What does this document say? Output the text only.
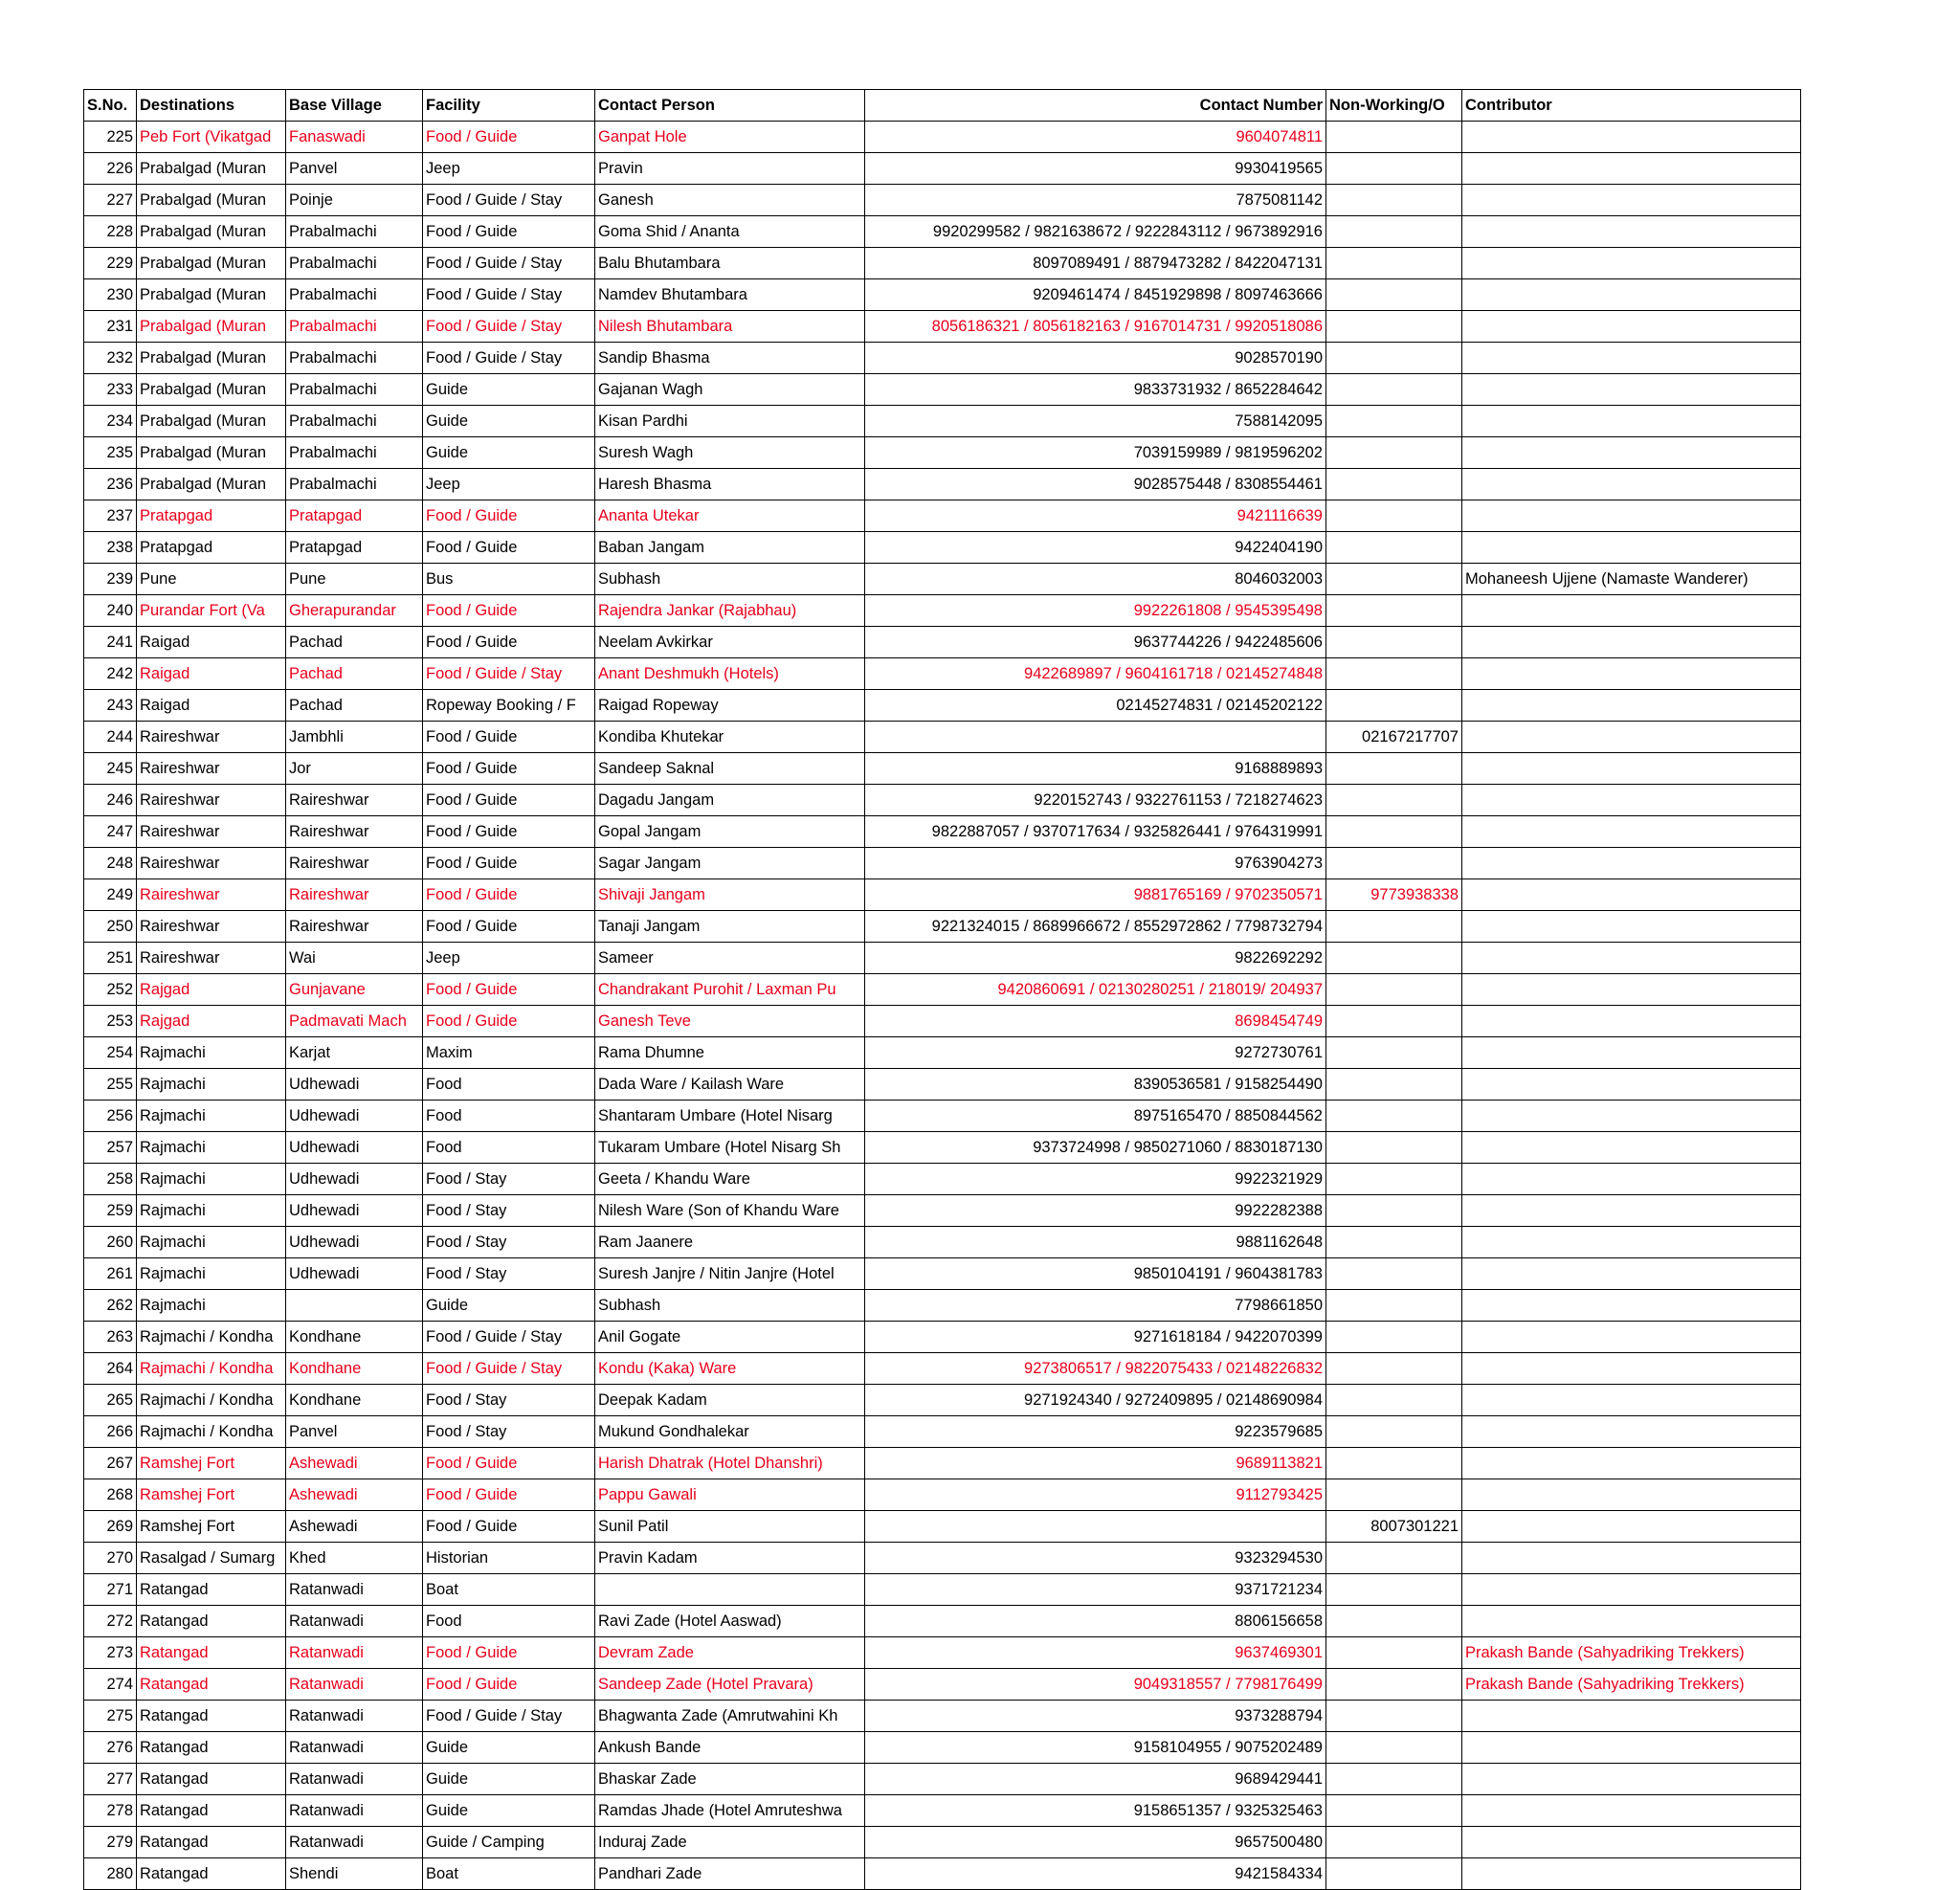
S.No.	Destinations	Base Village	Facility	Contact Person	Contact Number	Non-Working/O	Contributor
225	Peb Fort (Vikatgad	Fanaswadi	Food / Guide	Ganpat Hole	9604074811		
226	Prabalgad (Muran	Panvel	Jeep	Pravin	9930419565		
227	Prabalgad (Muran	Poinje	Food / Guide / Stay	Ganesh	7875081142		
228	Prabalgad (Muran	Prabalmachi	Food / Guide	Goma Shid / Ananta	9920299582 / 9821638672 / 9222843112 / 9673892916		
229	Prabalgad (Muran	Prabalmachi	Food / Guide / Stay	Balu Bhutambara	8097089491 / 8879473282 / 8422047131		
230	Prabalgad (Muran	Prabalmachi	Food / Guide / Stay	Namdev Bhutambara	9209461474 / 8451929898 / 8097463666		
231	Prabalgad (Muran	Prabalmachi	Food / Guide / Stay	Nilesh Bhutambara	8056186321 / 8056182163 / 9167014731 / 9920518086		
232	Prabalgad (Muran	Prabalmachi	Food / Guide / Stay	Sandip Bhasma	9028570190		
233	Prabalgad (Muran	Prabalmachi	Guide	Gajanan Wagh	9833731932 / 8652284642		
234	Prabalgad (Muran	Prabalmachi	Guide	Kisan Pardhi	7588142095		
235	Prabalgad (Muran	Prabalmachi	Guide	Suresh Wagh	7039159989 / 9819596202		
236	Prabalgad (Muran	Prabalmachi	Jeep	Haresh Bhasma	9028575448 / 8308554461		
237	Pratapgad	Pratapgad	Food / Guide	Ananta Utekar	9421116639		
238	Pratapgad	Pratapgad	Food / Guide	Baban Jangam	9422404190		
239	Pune	Pune	Bus	Subhash	8046032003		Mohaneesh Ujjene (Namaste Wanderer)
240	Purandar Fort (Va	Gherapurandar	Food / Guide	Rajendra Jankar (Rajabhau)	9922261808 / 9545395498		
241	Raigad	Pachad	Food / Guide	Neelam Avkirkar	9637744226 / 9422485606		
242	Raigad	Pachad	Food / Guide / Stay	Anant Deshmukh (Hotels)	9422689897 / 9604161718 / 02145274848		
243	Raigad	Pachad	Ropeway Booking / F	Raigad Ropeway	02145274831 / 02145202122		
244	Raireshwar	Jambhli	Food / Guide	Kondiba Khutekar		02167217707	
245	Raireshwar	Jor	Food / Guide	Sandeep Saknal	9168889893		
246	Raireshwar	Raireshwar	Food / Guide	Dagadu Jangam	9220152743 / 9322761153 / 7218274623		
247	Raireshwar	Raireshwar	Food / Guide	Gopal Jangam	9822887057 / 9370717634 / 9325826441 / 9764319991		
248	Raireshwar	Raireshwar	Food / Guide	Sagar Jangam	9763904273		
249	Raireshwar	Raireshwar	Food / Guide	Shivaji Jangam	9881765169 / 9702350571	9773938338	
250	Raireshwar	Raireshwar	Food / Guide	Tanaji Jangam	9221324015 / 8689966672 / 8552972862 / 7798732794		
251	Raireshwar	Wai	Jeep	Sameer	9822692292		
252	Rajgad	Gunjavane	Food / Guide	Chandrakant Purohit / Laxman Pu	9420860691 / 02130280251 / 218019/ 204937		
253	Rajgad	Padmavati Mach	Food / Guide	Ganesh Teve	8698454749		
254	Rajmachi	Karjat	Maxim	Rama Dhumne	9272730761		
255	Rajmachi	Udhewadi	Food	Dada Ware / Kailash Ware	8390536581 / 9158254490		
256	Rajmachi	Udhewadi	Food	Shantaram Umbare (Hotel Nisarg	8975165470 / 8850844562		
257	Rajmachi	Udhewadi	Food	Tukaram Umbare (Hotel Nisarg Sh	9373724998 / 9850271060 / 8830187130		
258	Rajmachi	Udhewadi	Food / Stay	Geeta / Khandu Ware	9922321929		
259	Rajmachi	Udhewadi	Food / Stay	Nilesh Ware (Son of Khandu Ware	9922282388		
260	Rajmachi	Udhewadi	Food / Stay	Ram Jaanere	9881162648		
261	Rajmachi	Udhewadi	Food / Stay	Suresh Janjre / Nitin Janjre (Hotel	9850104191 / 9604381783		
262	Rajmachi		Guide	Subhash	7798661850		
263	Rajmachi / Kondha	Kondhane	Food / Guide / Stay	Anil Gogate	9271618184 / 9422070399		
264	Rajmachi / Kondha	Kondhane	Food / Guide / Stay	Kondu (Kaka) Ware	9273806517 / 9822075433 / 02148226832		
265	Rajmachi / Kondha	Kondhane	Food / Stay	Deepak Kadam	9271924340 / 9272409895 / 02148690984		
266	Rajmachi / Kondha	Panvel	Food / Stay	Mukund Gondhalekar	9223579685		
267	Ramshej Fort	Ashewadi	Food / Guide	Harish Dhatrak (Hotel Dhanshri)	9689113821		
268	Ramshej Fort	Ashewadi	Food / Guide	Pappu Gawali	9112793425		
269	Ramshej Fort	Ashewadi	Food / Guide	Sunil Patil		8007301221	
270	Rasalgad / Sumarg	Khed	Historian	Pravin Kadam	9323294530		
271	Ratangad	Ratanwadi	Boat		9371721234		
272	Ratangad	Ratanwadi	Food	Ravi Zade (Hotel Aaswad)	8806156658		
273	Ratangad	Ratanwadi	Food / Guide	Devram Zade	9637469301		Prakash Bande (Sahyadriking Trekkers)
274	Ratangad	Ratanwadi	Food / Guide	Sandeep Zade (Hotel Pravara)	9049318557 / 7798176499		Prakash Bande (Sahyadriking Trekkers)
275	Ratangad	Ratanwadi	Food / Guide / Stay	Bhagwanta Zade (Amrutwahini Kh	9373288794		
276	Ratangad	Ratanwadi	Guide	Ankush Bande	9158104955 / 9075202489		
277	Ratangad	Ratanwadi	Guide	Bhaskar Zade	9689429441		
278	Ratangad	Ratanwadi	Guide	Ramdas Jhade (Hotel Amruteshwa	9158651357 / 9325325463		
279	Ratangad	Ratanwadi	Guide / Camping	Induraj Zade	9657500480		
280	Ratangad	Shendi	Boat	Pandhari Zade	9421584334		
